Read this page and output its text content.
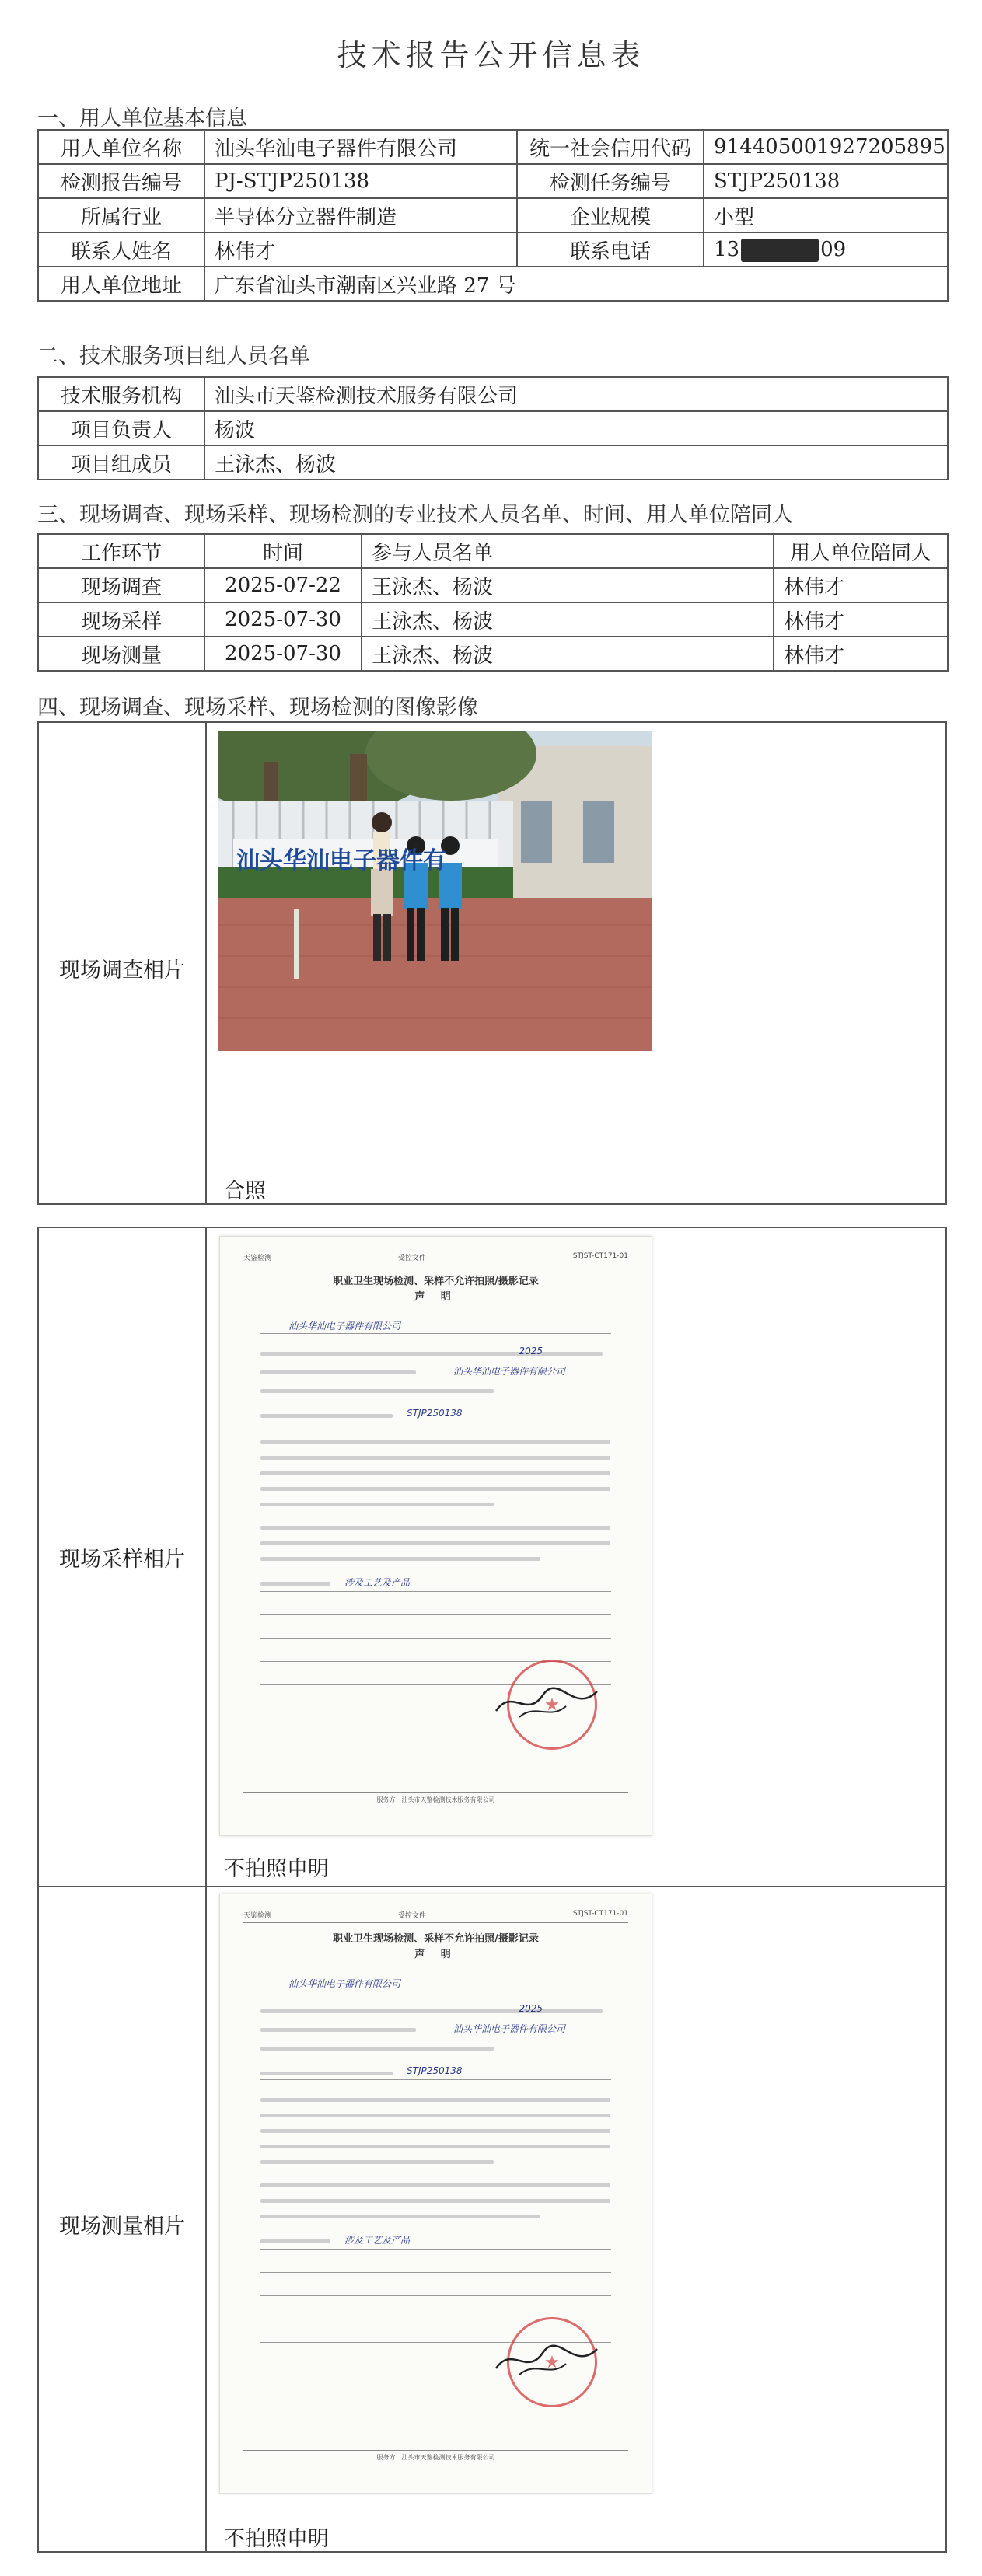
技术报告公开信息表
一、用人单位基本信息
用人单位名称	汕头华汕电子器件有限公司	统一社会信用代码	914405001927205895
检测报告编号	PJ-STJP250138	检测任务编号	STJP250138
所属行业	半导体分立器件制造	企业规模	小型
联系人姓名	林伟才	联系电话	13 09
用人单位地址	广东省汕头市潮南区兴业路 27 号		
二、技术服务项目组人员名单
技术服务机构	汕头市天鉴检测技术服务有限公司
项目负责人	杨波
项目组成员	王泳杰、杨波
三、现场调查、现场采样、现场检测的专业技术人员名单、时间、用人单位陪同人
工作环节	时间	参与人员名单	用人单位陪同人
现场调查	2025-07-22	王泳杰、杨波	林伟才
现场采样	2025-07-30	王泳杰、杨波	林伟才
现场测量	2025-07-30	王泳杰、杨波	林伟才
四、现场调查、现场采样、现场检测的图像影像
现场调查相片
合照
汕头华汕电子器件有
现场采样相片
不拍照申明
现场测量相片
不拍照申明
天鉴检测	受控文件	STJST-CT171-01
职业卫生现场检测、采样不允许拍照/摄影记录
声 明
汕头华汕电子器件有限公司
2025
汕头华汕电子器件有限公司
STJP250138
涉及工艺及产品
服务方：汕头市天鉴检测技术服务有限公司
天鉴检测	受控文件	STJST-CT171-01
职业卫生现场检测、采样不允许拍照/摄影记录
声 明
汕头华汕电子器件有限公司
2025
汕头华汕电子器件有限公司
STJP250138
涉及工艺及产品
服务方：汕头市天鉴检测技术服务有限公司
